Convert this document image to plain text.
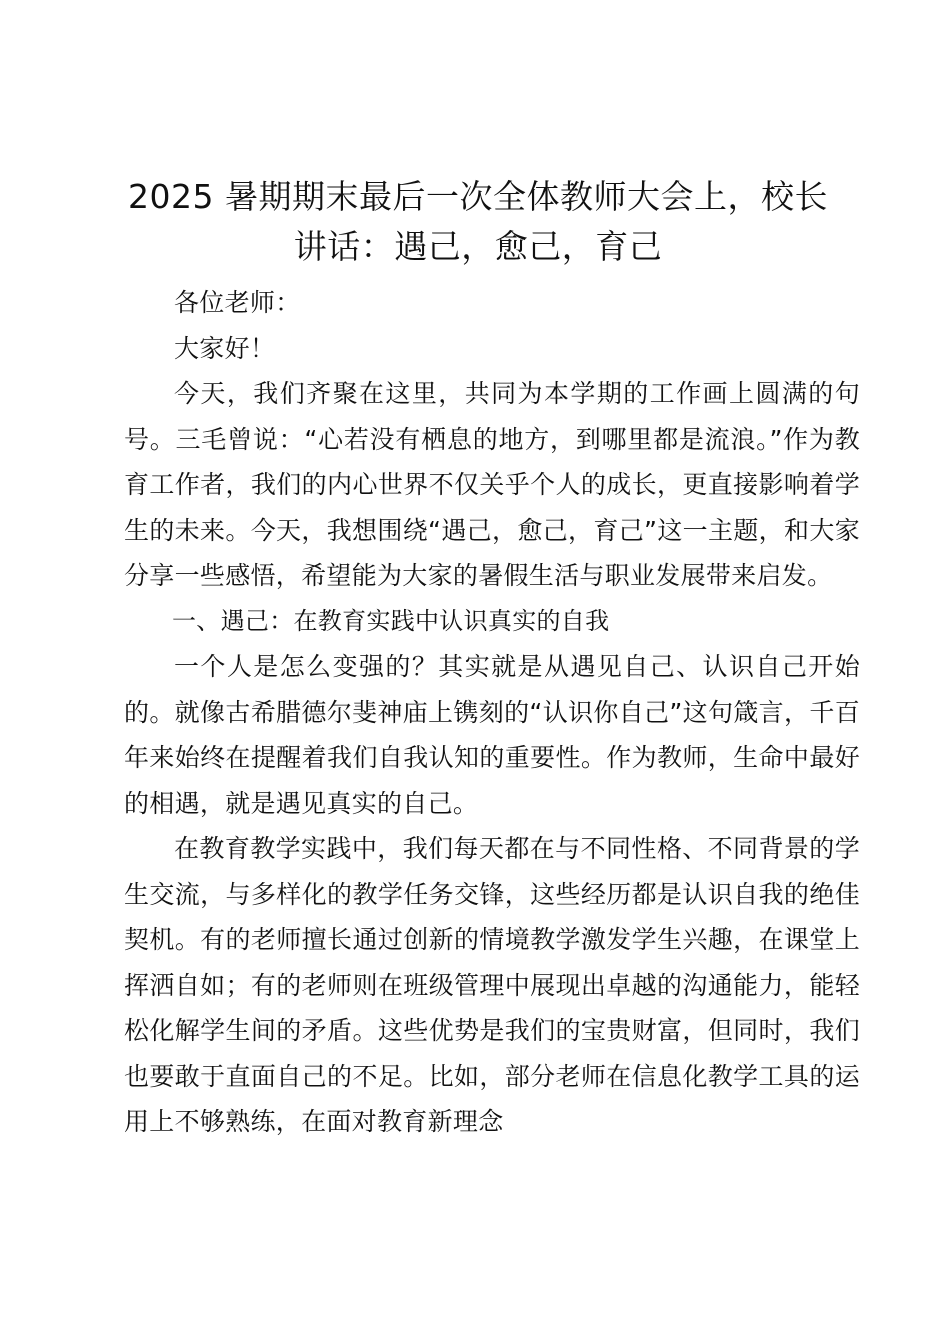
2025 暑期期末最后一次全体教师大会上，校长讲话：遇己，愈己，育己

各位老师：

大家好！

今天，我们齐聚在这里，共同为本学期的工作画上圆满的句号。三毛曾说：“心若没有栖息的地方，到哪里都是流浪。”作为教育工作者，我们的内心世界不仅关乎个人的成长，更直接影响着学生的未来。今天，我想围绕“遇己，愈己，育己”这一主题，和大家分享一些感悟，希望能为大家的暑假生活与职业发展带来启发。

一、遇己：在教育实践中认识真实的自我

一个人是怎么变强的？其实就是从遇见自己、认识自己开始的。就像古希腊德尔斐神庙上镌刻的“认识你自己”这句箴言，千百年来始终在提醒着我们自我认知的重要性。作为教师，生命中最好的相遇，就是遇见真实的自己。

在教育教学实践中，我们每天都在与不同性格、不同背景的学生交流，与多样化的教学任务交锋，这些经历都是认识自我的绝佳契机。有的老师擅长通过创新的情境教学激发学生兴趣，在课堂上挥洒自如；有的老师则在班级管理中展现出卓越的沟通能力，能轻松化解学生间的矛盾。这些优势是我们的宝贵财富，但同时，我们也要敢于直面自己的不足。比如，部分老师在信息化教学工具的运用上不够熟练，在面对教育新理念
